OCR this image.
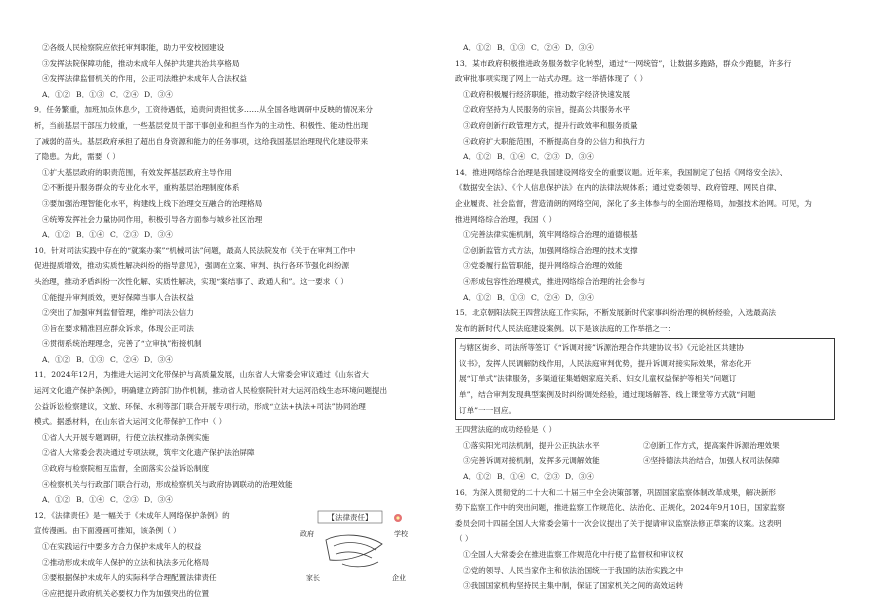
②各级人民检察院应依托审判职能，助力平安校园建设
③发挥法院保障功能，推动未成年人保护共建共治共享格局
④发挥法律监督机关的作用，公正司法维护未成年人合法权益
A．①② B．①③ C．②④ D．③④
9．任务繁重，加班加点休息少，工资待遇低，追责问责担忧多……从全国各地调研中反映的情况来分
析，当前基层干部压力较重，一些基层党员干部干事创业和担当作为的主动性、积极性、能动性出现
了减弱的苗头。基层政府承担了超出自身资源和能力的任务事项，这给我国基层治理现代化建设带来
了隐患。为此，需要（ ）
①扩大基层政府的职责范围，有效发挥基层政府主导作用
②不断提升服务群众的专业化水平，重构基层治理制度体系
③要加强治理智能化水平，构建线上线下治理交互融合的治理格局
④统筹发挥社会力量协同作用，积极引导各方面参与城乡社区治理
A．①② B．①④ C．②③ D．③④
10．针对司法实践中存在的“就案办案”“机械司法”问题，最高人民法院发布《关于在审判工作中
促进提质增效，推动实质性解决纠纷的指导意见》，强调在立案、审判、执行各环节强化纠纷源
头治理，推动矛盾纠纷一次性化解、实质性解决，实现“案结事了、政通人和”。这一要求（ ）
①能提升审判质效，更好保障当事人合法权益
②突出了加强审判监督管理，维护司法公信力
③旨在要求精准回应群众诉求，体现公正司法
④贯彻系统治理理念，完善了“立审执”衔接机制
A．①② B．①③ C．②④ D．③④
11．2024年12月，为推进大运河文化带保护与高质量发展，山东省人大常委会审议通过《山东省大
运河文化遗产保护条例》，明确建立跨部门协作机制，推动省人民检察院针对大运河沿线生态环境问题提出
公益诉讼检察建议，文旅、环保、水利等部门联合开展专项行动，形成“立法+执法+司法”协同治理
模式。据悉材料，在山东省大运河文化带保护工作中（ ）
①省人大开展专题调研，行使立法权推动条例实施
②省人大常委会表决通过专项法规，筑牢文化遗产保护法治屏障
③政府与检察院相互监督，全面落实公益诉讼制度
④检察机关与行政部门联合行动，形成检察机关与政府协调联动的治理效能
A．①② B．①④ C．②③ D．③④
12．《法律责任》是一幅关于《未成年人网络保护条例》的
宣传漫画。由下面漫画可推知，该条例（ ）
①在实践运行中要多方合力保护未成年人的权益
②推动形成未成年人保护的立法和执法多元化格局
③要根据保护未成年人的实际科学合理配置法律责任
④应把提升政府机关必要权力作为加强突出的位置
【法律责任】
政府	学校
家长	企业
A．①② B．①③ C．②④ D．③④
13．某市政府积极推进政务服务数字化转型，通过“一网统管”，让数据多跑路，群众少跑腿，许多行
政审批事项实现了网上一站式办理。这一举措体现了（ ）
①政府积极履行经济职能，推动数字经济快速发展
②政府坚持为人民服务的宗旨，提高公共服务水平
③政府创新行政管理方式，提升行政效率和服务质量
④政府扩大职能范围，不断提高自身的公信力和执行力
A．①② B．①④ C．②③ D．③④
14．推进网络综合治理是我国建设网络安全的重要议题。近年来，我国制定了包括《网络安全法》、
《数据安全法》、《个人信息保护法》在内的法律法规体系；通过党委领导、政府管理、网民自律、
企业履责、社会监督，营造清朗的网络空间，深化了多主体参与的全面治理格局，加强技术治网。可见，为
推进网络综合治理，我国（ ）
①完善法律实施机制，筑牢网络综合治理的道德根基
②创新监管方式方法，加强网络综合治理的技术支撑
③党委履行监管职能，提升网络综合治理的效能
④形成包容性治理模式，推进网络综合治理的社会参与
A．①② B．①③ C．②④ D．③④
15．北京朝阳法院王四营法庭工作实际，不断发展新时代家事纠纷治理的枫桥经验，入选最高法
发布的新时代人民法庭建设案例。以下是该法庭的工作举措之一：
与辖区街乡、司法所等签订《“诉调对接”诉源治理合作共建协议书》《元论社区共建协
议书》，发挥人民调解防线作用，人民法庭审判优势，提升诉调对接实际效果，常态化开
展“订单式”法律服务，多渠道征集婚姻家庭关系、妇女儿童权益保护等相关“问题订
单”，结合审判发现典型案例及时纠纷调处经验，通过现场解答、线上课堂等方式就“问题
订单”一一回应。
王四营法庭的成功经验是（ ）
①落实阳光司法机制，提升公正执法水平	②创新工作方式，提高案件诉源治理效果
③完善诉调对接机制，发挥多元调解效能	④坚持德法共治结合，加强人权司法保障
A．①② B．①④ C．②③ D．③④
16．为深入贯彻党的二十大和二十届三中全会决策部署，巩固国家监察体制改革成果，解决新形
势下监察工作中的突出问题，推进监察工作规范化、法治化、正规化，2024年9月10日，国家监察
委员会同十四届全国人大常委会第十一次会议提出了关于提请审议监察法修正草案的议案。这表明
（ ）
①全国人大常委会在推进监察工作规范化中行使了监督权和审议权
②党的领导、人民当家作主和依法治国统一于我国的法治实践之中
③我国国家机构坚持民主集中制，保证了国家机关之间的高效运转
